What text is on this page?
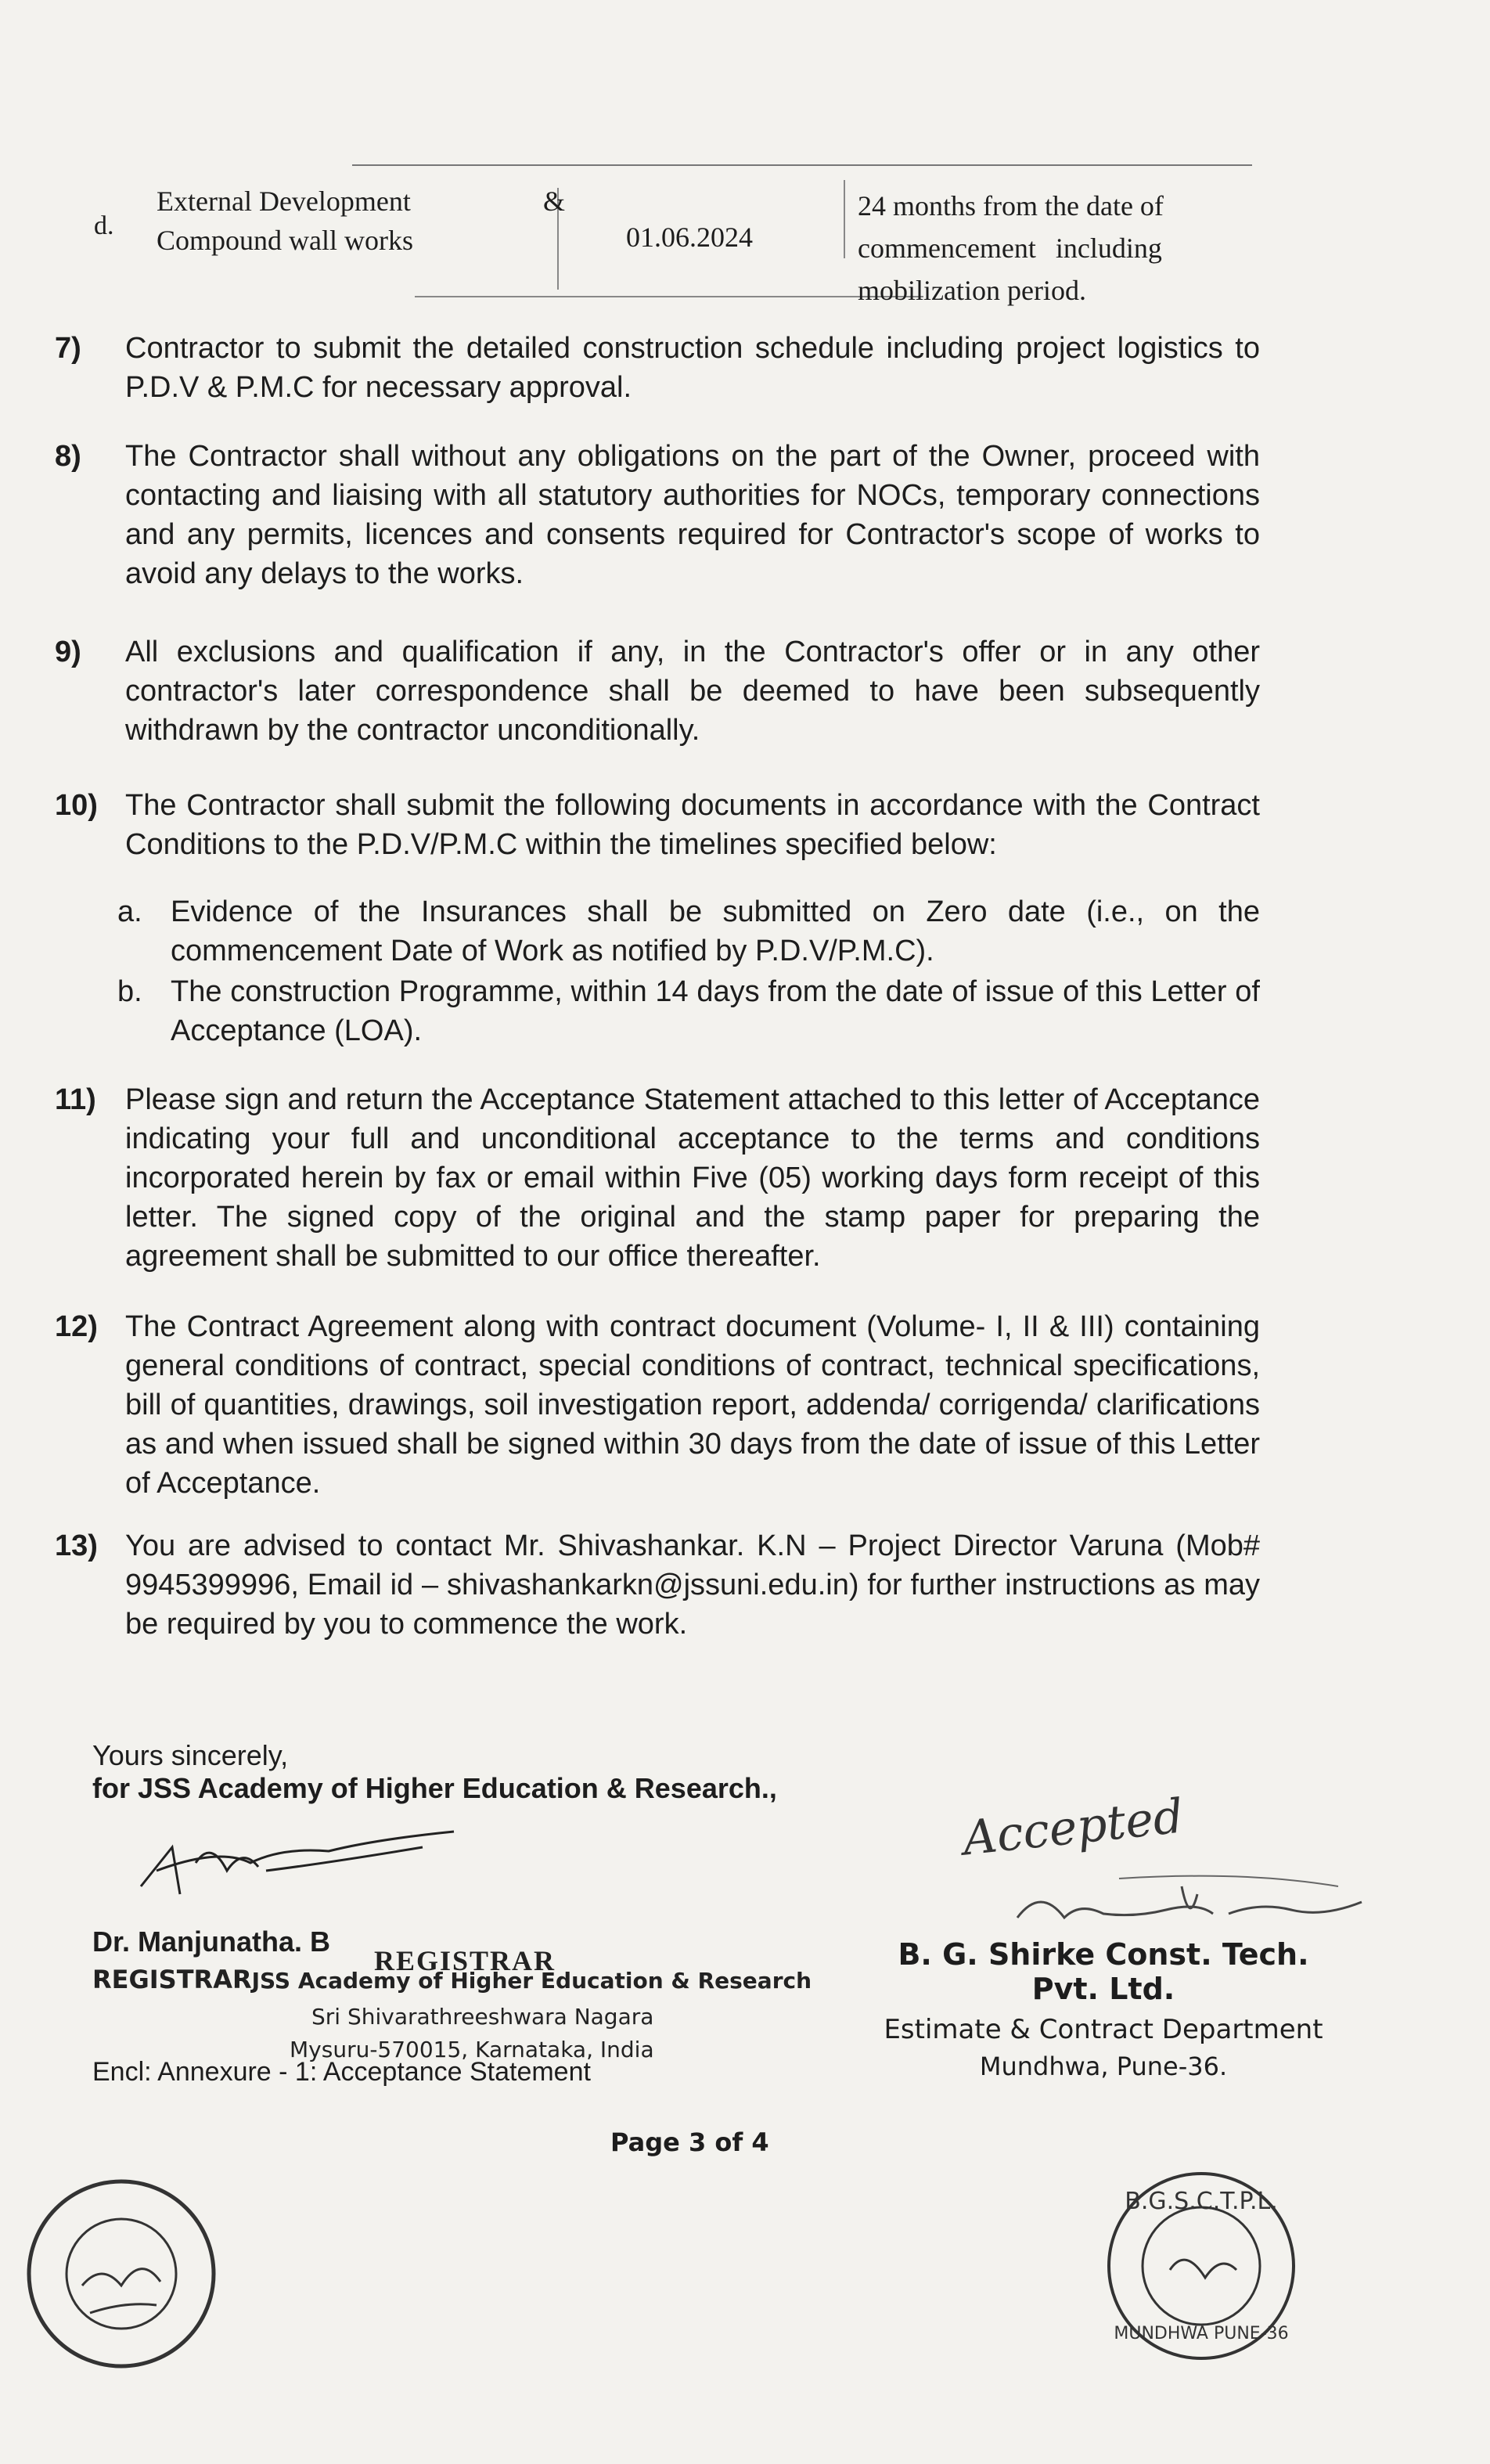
d.
External Development	&
Compound wall works	01.06.2024
24 months from the date of
commencement including
mobilization period.
7) Contractor to submit the detailed construction schedule including project logistics to P.D.V & P.M.C for necessary approval.
8) The Contractor shall without any obligations on the part of the Owner, proceed with contacting and liaising with all statutory authorities for NOCs, temporary connections and any permits, licences and consents required for Contractor's scope of works to avoid any delays to the works.
9) All exclusions and qualification if any, in the Contractor's offer or in any other contractor's later correspondence shall be deemed to have been subsequently withdrawn by the contractor unconditionally.
10) The Contractor shall submit the following documents in accordance with the Contract Conditions to the P.D.V/P.M.C within the timelines specified below:
a. Evidence of the Insurances shall be submitted on Zero date (i.e., on the commencement Date of Work as notified by P.D.V/P.M.C).
b. The construction Programme, within 14 days from the date of issue of this Letter of Acceptance (LOA).
11) Please sign and return the Acceptance Statement attached to this letter of Acceptance indicating your full and unconditional acceptance to the terms and conditions incorporated herein by fax or email within Five (05) working days form receipt of this letter. The signed copy of the original and the stamp paper for preparing the agreement shall be submitted to our office thereafter.
12) The Contract Agreement along with contract document (Volume- I, II & III) containing general conditions of contract, special conditions of contract, technical specifications, bill of quantities, drawings, soil investigation report, addenda/ corrigenda/ clarifications as and when issued shall be signed within 30 days from the date of issue of this Letter of Acceptance.
13) You are advised to contact Mr. Shivashankar. K.N – Project Director Varuna (Mob# 9945399996, Email id – shivashankarkn@jssuni.edu.in) for further instructions as may be required by you to commence the work.
Yours sincerely,
for JSS Academy of Higher Education & Research.,
Dr. Manjunatha. B
REGISTRAR
REGISTRARJSS Academy of Higher Education & Research
Sri Shivarathreeshwara Nagara
Mysuru-570015, Karnataka, India
Encl: Annexure - 1: Acceptance Statement
Accepted
B. G. Shirke Const. Tech. Pvt. Ltd.
Estimate & Contract Department
Mundhwa, Pune-36.
Page 3 of 4
B.G.S.C.T.P.L.
MUNDHWA PUNE-36
